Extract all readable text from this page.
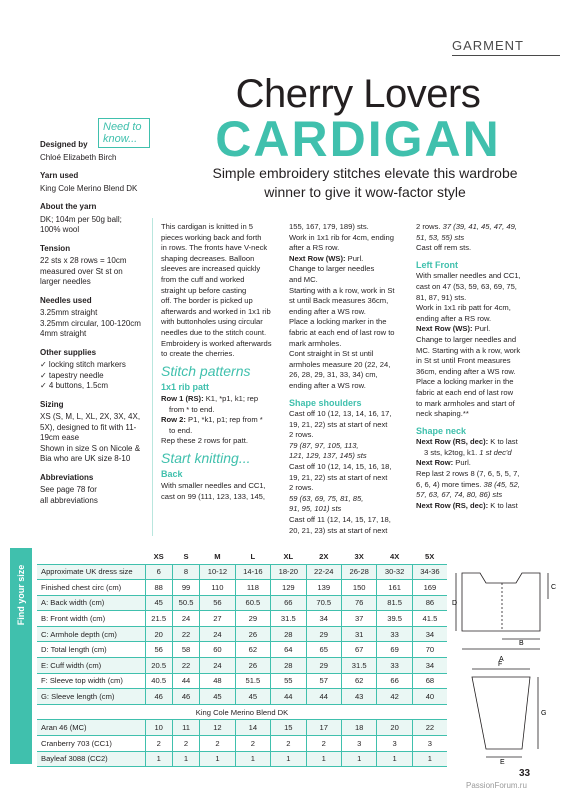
GARMENT
Cherry Lovers
CARDIGAN
Simple embroidery stitches elevate this wardrobe
winner to give it wow-factor style
Need to
know...
Designed by
Chloé Elizabeth Birch
Yarn used
King Cole Merino Blend DK
About the yarn
DK; 104m per 50g ball;
100% wool
Tension
22 sts x 28 rows = 10cm
measured over St st on
larger needles
Needles used
3.25mm straight
3.25mm circular, 100-120cm
4mm straight
Other supplies
✓ locking stitch markers
✓ tapestry needle
✓ 4 buttons, 1.5cm
Sizing
XS (S, M, L, XL, 2X, 3X, 4X,
5X), designed to fit with 11-
19cm ease
Shown in size S on Nicole &
Bia who are UK size 8-10
Abbreviations
See page 78 for
all abbreviations
This cardigan is knitted in 5
pieces working back and forth
in rows. The fronts have V-neck
shaping decreases. Balloon
sleeves are increased quickly
from the cuff and worked
straight up before casting
off. The border is picked up
afterwards and worked in 1x1 rib
with buttonholes using circular
needles due to the stitch count.
Embroidery is worked afterwards
to create the cherries.
Stitch patterns
1x1 rib patt
Row 1 (RS): K1, *p1, k1; rep
from * to end.
Row 2: P1, *k1, p1; rep from *
to end.
Rep these 2 rows for patt.
Start knitting...
Back
With smaller needles and CC1,
cast on 99 (111, 123, 133, 145,
155, 167, 179, 189) sts.
Work in 1x1 rib for 4cm, ending
after a RS row.
Next Row (WS): Purl.
Change to larger needles
and MC.
Starting with a k row, work in St
st until Back measures 36cm,
ending after a WS row.
Place a locking marker in the
fabric at each end of last row to
mark armholes.
Cont straight in St st until
armholes measure 20 (22, 24,
26, 28, 29, 31, 33, 34) cm,
ending after a WS row.
Shape shoulders
Cast off 10 (12, 13, 14, 16, 17,
19, 21, 22) sts at start of next
2 rows.
79 (87, 97, 105, 113,
121, 129, 137, 145) sts
Cast off 10 (12, 14, 15, 16, 18,
19, 21, 22) sts at start of next
2 rows.
59 (63, 69, 75, 81, 85,
91, 95, 101) sts
Cast off 11 (12, 14, 15, 17, 18,
20, 21, 23) sts at start of next
2 rows. 37 (39, 41, 45, 47, 49,
51, 53, 55) sts
Cast off rem sts.
Left Front
With smaller needles and CC1,
cast on 47 (53, 59, 63, 69, 75,
81, 87, 91) sts.
Work in 1x1 rib patt for 4cm,
ending after a RS row.
Next Row (WS): Purl.
Change to larger needles and
MC. Starting with a k row, work
in St st until Front measures
36cm, ending after a WS row.
Place a locking marker in the
fabric at each end of last row
to mark armholes and start of
neck shaping.**
Shape neck
Next Row (RS, dec): K to last
3 sts, k2tog, k1. 1 st dec'd
Next Row: Purl.
Rep last 2 rows 8 (7, 6, 5, 5, 7,
6, 6, 4) more times. 38 (45, 52,
57, 63, 67, 74, 80, 86) sts
Next Row (RS, dec): K to last
Find your size
	XS	S	M	L	XL	2X	3X	4X	5X
Approximate UK dress size	6	8	10-12	14-16	18-20	22-24	26-28	30-32	34-36
Finished chest circ (cm)	88	99	110	118	129	139	150	161	169
A: Back width (cm)	45	50.5	56	60.5	66	70.5	76	81.5	86
B: Front width (cm)	21.5	24	27	29	31.5	34	37	39.5	41.5
C: Armhole depth (cm)	20	22	24	26	28	29	31	33	34
D: Total length (cm)	56	58	60	62	64	65	67	69	70
E: Cuff width (cm)	20.5	22	24	26	28	29	31.5	33	34
F: Sleeve top width (cm)	40.5	44	48	51.5	55	57	62	66	68
G: Sleeve length (cm)	46	46	45	45	44	44	43	42	40
King Cole Merino Blend DK									
Aran 46 (MC)	10	11	12	14	15	17	18	20	22
Cranberry 703 (CC1)	2	2	2	2	2	2	3	3	3
Bayleaf 3088 (CC2)	1	1	1	1	1	1	1	1	1
A
B
C
D
E
F
G
33
PassionForum.ru
